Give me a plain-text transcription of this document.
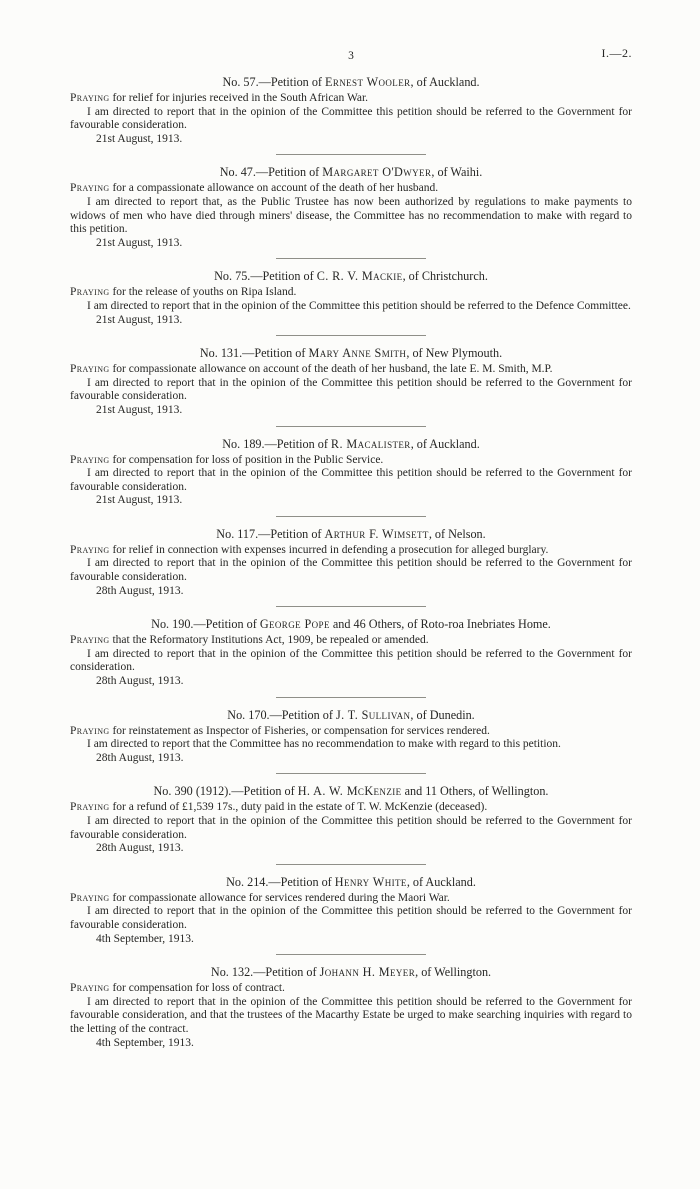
3	I.—2.
No. 57.—Petition of Ernest Wooler, of Auckland.

Praying for relief for injuries received in the South African War.

I am directed to report that in the opinion of the Committee this petition should be referred to the Government for favourable consideration.

21st August, 1913.

No. 47.—Petition of Margaret O'Dwyer, of Waihi.

Praying for a compassionate allowance on account of the death of her husband.

I am directed to report that, as the Public Trustee has now been authorized by regulations to make payments to widows of men who have died through miners' disease, the Committee has no recommendation to make with regard to this petition.

21st August, 1913.

No. 75.—Petition of C. R. V. Mackie, of Christchurch.

Praying for the release of youths on Ripa Island.

I am directed to report that in the opinion of the Committee this petition should be referred to the Defence Committee.

21st August, 1913.

No. 131.—Petition of Mary Anne Smith, of New Plymouth.

Praying for compassionate allowance on account of the death of her husband, the late E. M. Smith, M.P.

I am directed to report that in the opinion of the Committee this petition should be referred to the Government for favourable consideration.

21st August, 1913.

No. 189.—Petition of R. Macalister, of Auckland.

Praying for compensation for loss of position in the Public Service.

I am directed to report that in the opinion of the Committee this petition should be referred to the Government for favourable consideration.

21st August, 1913.

No. 117.—Petition of Arthur F. Wimsett, of Nelson.

Praying for relief in connection with expenses incurred in defending a prosecution for alleged burglary.

I am directed to report that in the opinion of the Committee this petition should be referred to the Government for favourable consideration.

28th August, 1913.

No. 190.—Petition of George Pope and 46 Others, of Roto-roa Inebriates Home.

Praying that the Reformatory Institutions Act, 1909, be repealed or amended.

I am directed to report that in the opinion of the Committee this petition should be referred to the Government for consideration.

28th August, 1913.

No. 170.—Petition of J. T. Sullivan, of Dunedin.

Praying for reinstatement as Inspector of Fisheries, or compensation for services rendered.

I am directed to report that the Committee has no recommendation to make with regard to this petition.

28th August, 1913.

No. 390 (1912).—Petition of H. A. W. McKenzie and 11 Others, of Wellington.

Praying for a refund of £1,539 17s., duty paid in the estate of T. W. McKenzie (deceased).

I am directed to report that in the opinion of the Committee this petition should be referred to the Government for favourable consideration.

28th August, 1913.

No. 214.—Petition of Henry White, of Auckland.

Praying for compassionate allowance for services rendered during the Maori War.

I am directed to report that in the opinion of the Committee this petition should be referred to the Government for favourable consideration.

4th September, 1913.

No. 132.—Petition of Johann H. Meyer, of Wellington.

Praying for compensation for loss of contract.

I am directed to report that in the opinion of the Committee this petition should be referred to the Government for favourable consideration, and that the trustees of the Macarthy Estate be urged to make searching inquiries with regard to the letting of the contract.

4th September, 1913.
